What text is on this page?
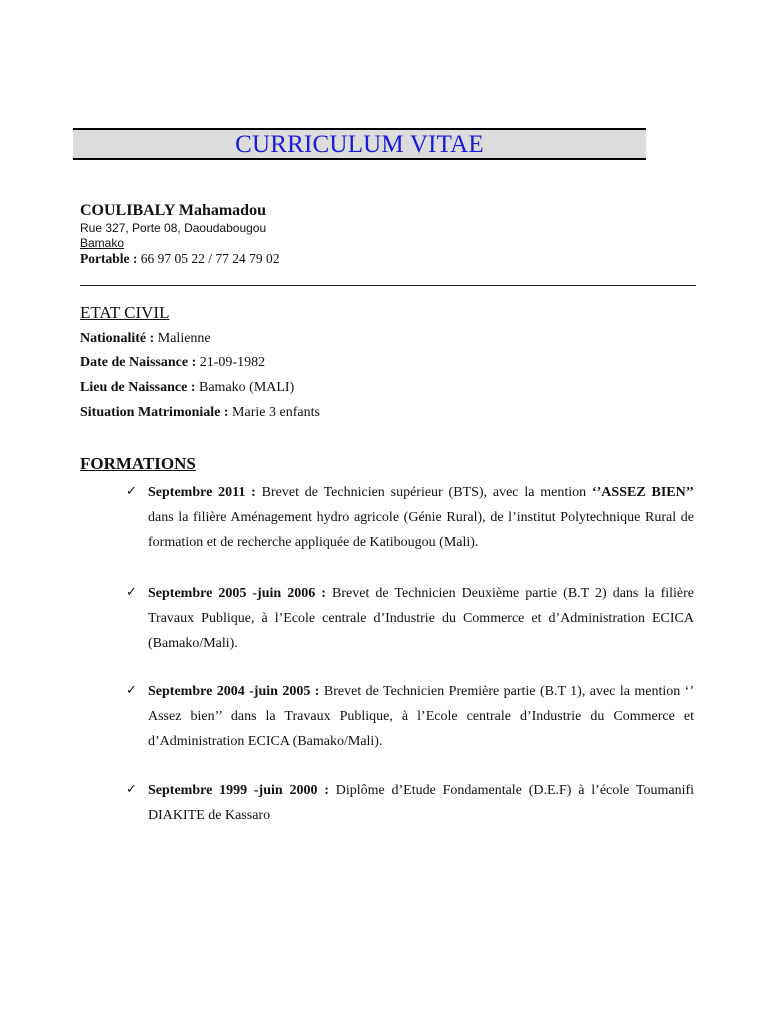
CURRICULUM VITAE
COULIBALY Mahamadou
Rue 327, Porte 08, Daoudabougou
Bamako
Portable : 66 97 05 22 / 77 24 79 02
ETAT CIVIL
Nationalité : Malienne
Date de Naissance : 21-09-1982
Lieu de Naissance : Bamako (MALI)
Situation Matrimoniale : Marie 3 enfants
FORMATIONS
✓ Septembre 2011 : Brevet de Technicien supérieur (BTS), avec la mention ‘’ASSEZ BIEN’’ dans la filière Aménagement hydro agricole (Génie Rural), de l’institut Polytechnique Rural de formation et de recherche appliquée de Katibougou (Mali).
✓ Septembre 2005 -juin 2006 : Brevet de Technicien Deuxième partie (B.T 2) dans la filière Travaux Publique, à l’Ecole centrale d’Industrie du Commerce et d’Administration ECICA (Bamako/Mali).
✓ Septembre 2004 -juin 2005 : Brevet de Technicien Première partie (B.T 1), avec la mention ‘’ Assez bien’’ dans la Travaux Publique, à l’Ecole centrale d’Industrie du Commerce et d’Administration ECICA (Bamako/Mali).
✓ Septembre 1999 -juin 2000 : Diplôme d’Etude Fondamentale (D.E.F) à l’école Toumanifi DIAKITE de Kassaro
